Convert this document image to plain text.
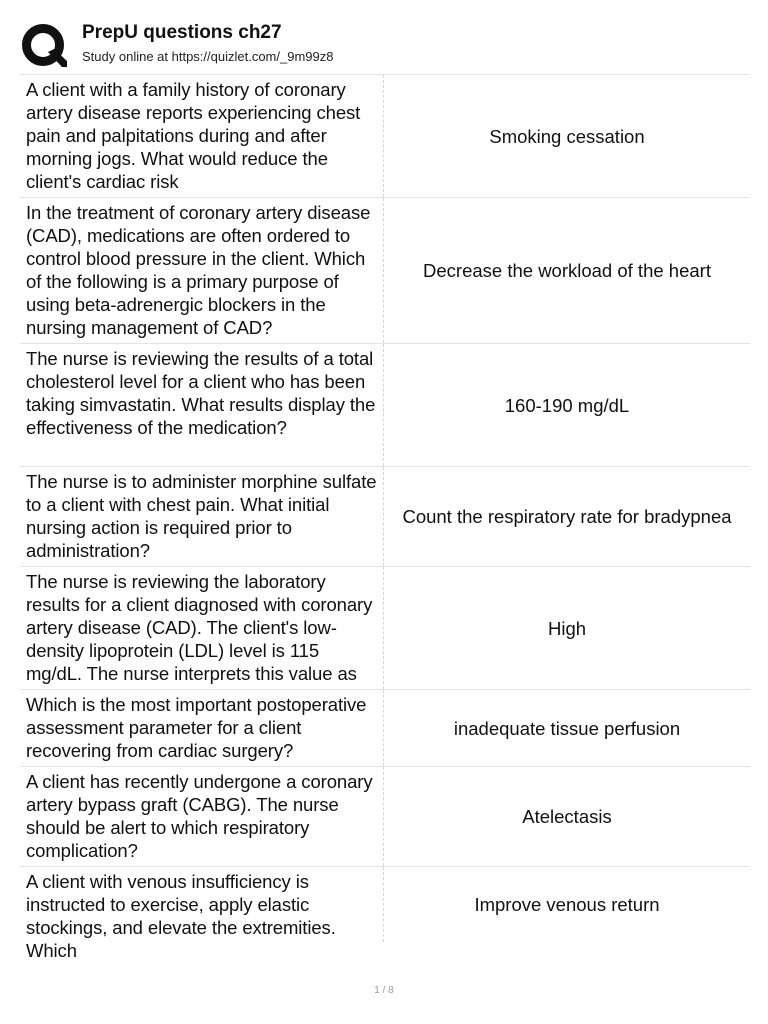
PrepU questions ch27
Study online at https://quizlet.com/_9m99z8
A client with a family history of coronary artery disease reports experiencing chest pain and palpitations during and after morning jogs. What would reduce the client's cardiac risk
Smoking cessation
In the treatment of coronary artery disease (CAD), medications are often ordered to control blood pressure in the client. Which of the following is a primary purpose of using beta-adrenergic blockers in the nursing management of CAD?
Decrease the workload of the heart
The nurse is reviewing the results of a total cholesterol level for a client who has been taking simvastatin. What results display the effectiveness of the medication?
160-190 mg/dL
The nurse is to administer morphine sulfate to a client with chest pain. What initial nursing action is required prior to administration?
Count the respiratory rate for bradypnea
The nurse is reviewing the laboratory results for a client diagnosed with coronary artery disease (CAD). The client's low-density lipoprotein (LDL) level is 115 mg/dL. The nurse interprets this value as
High
Which is the most important postoperative assessment parameter for a client recovering from cardiac surgery?
inadequate tissue perfusion
A client has recently undergone a coronary artery bypass graft (CABG). The nurse should be alert to which respiratory complication?
Atelectasis
A client with venous insufficiency is instructed to exercise, apply elastic stockings, and elevate the extremities. Which
Improve venous return
1 / 8
